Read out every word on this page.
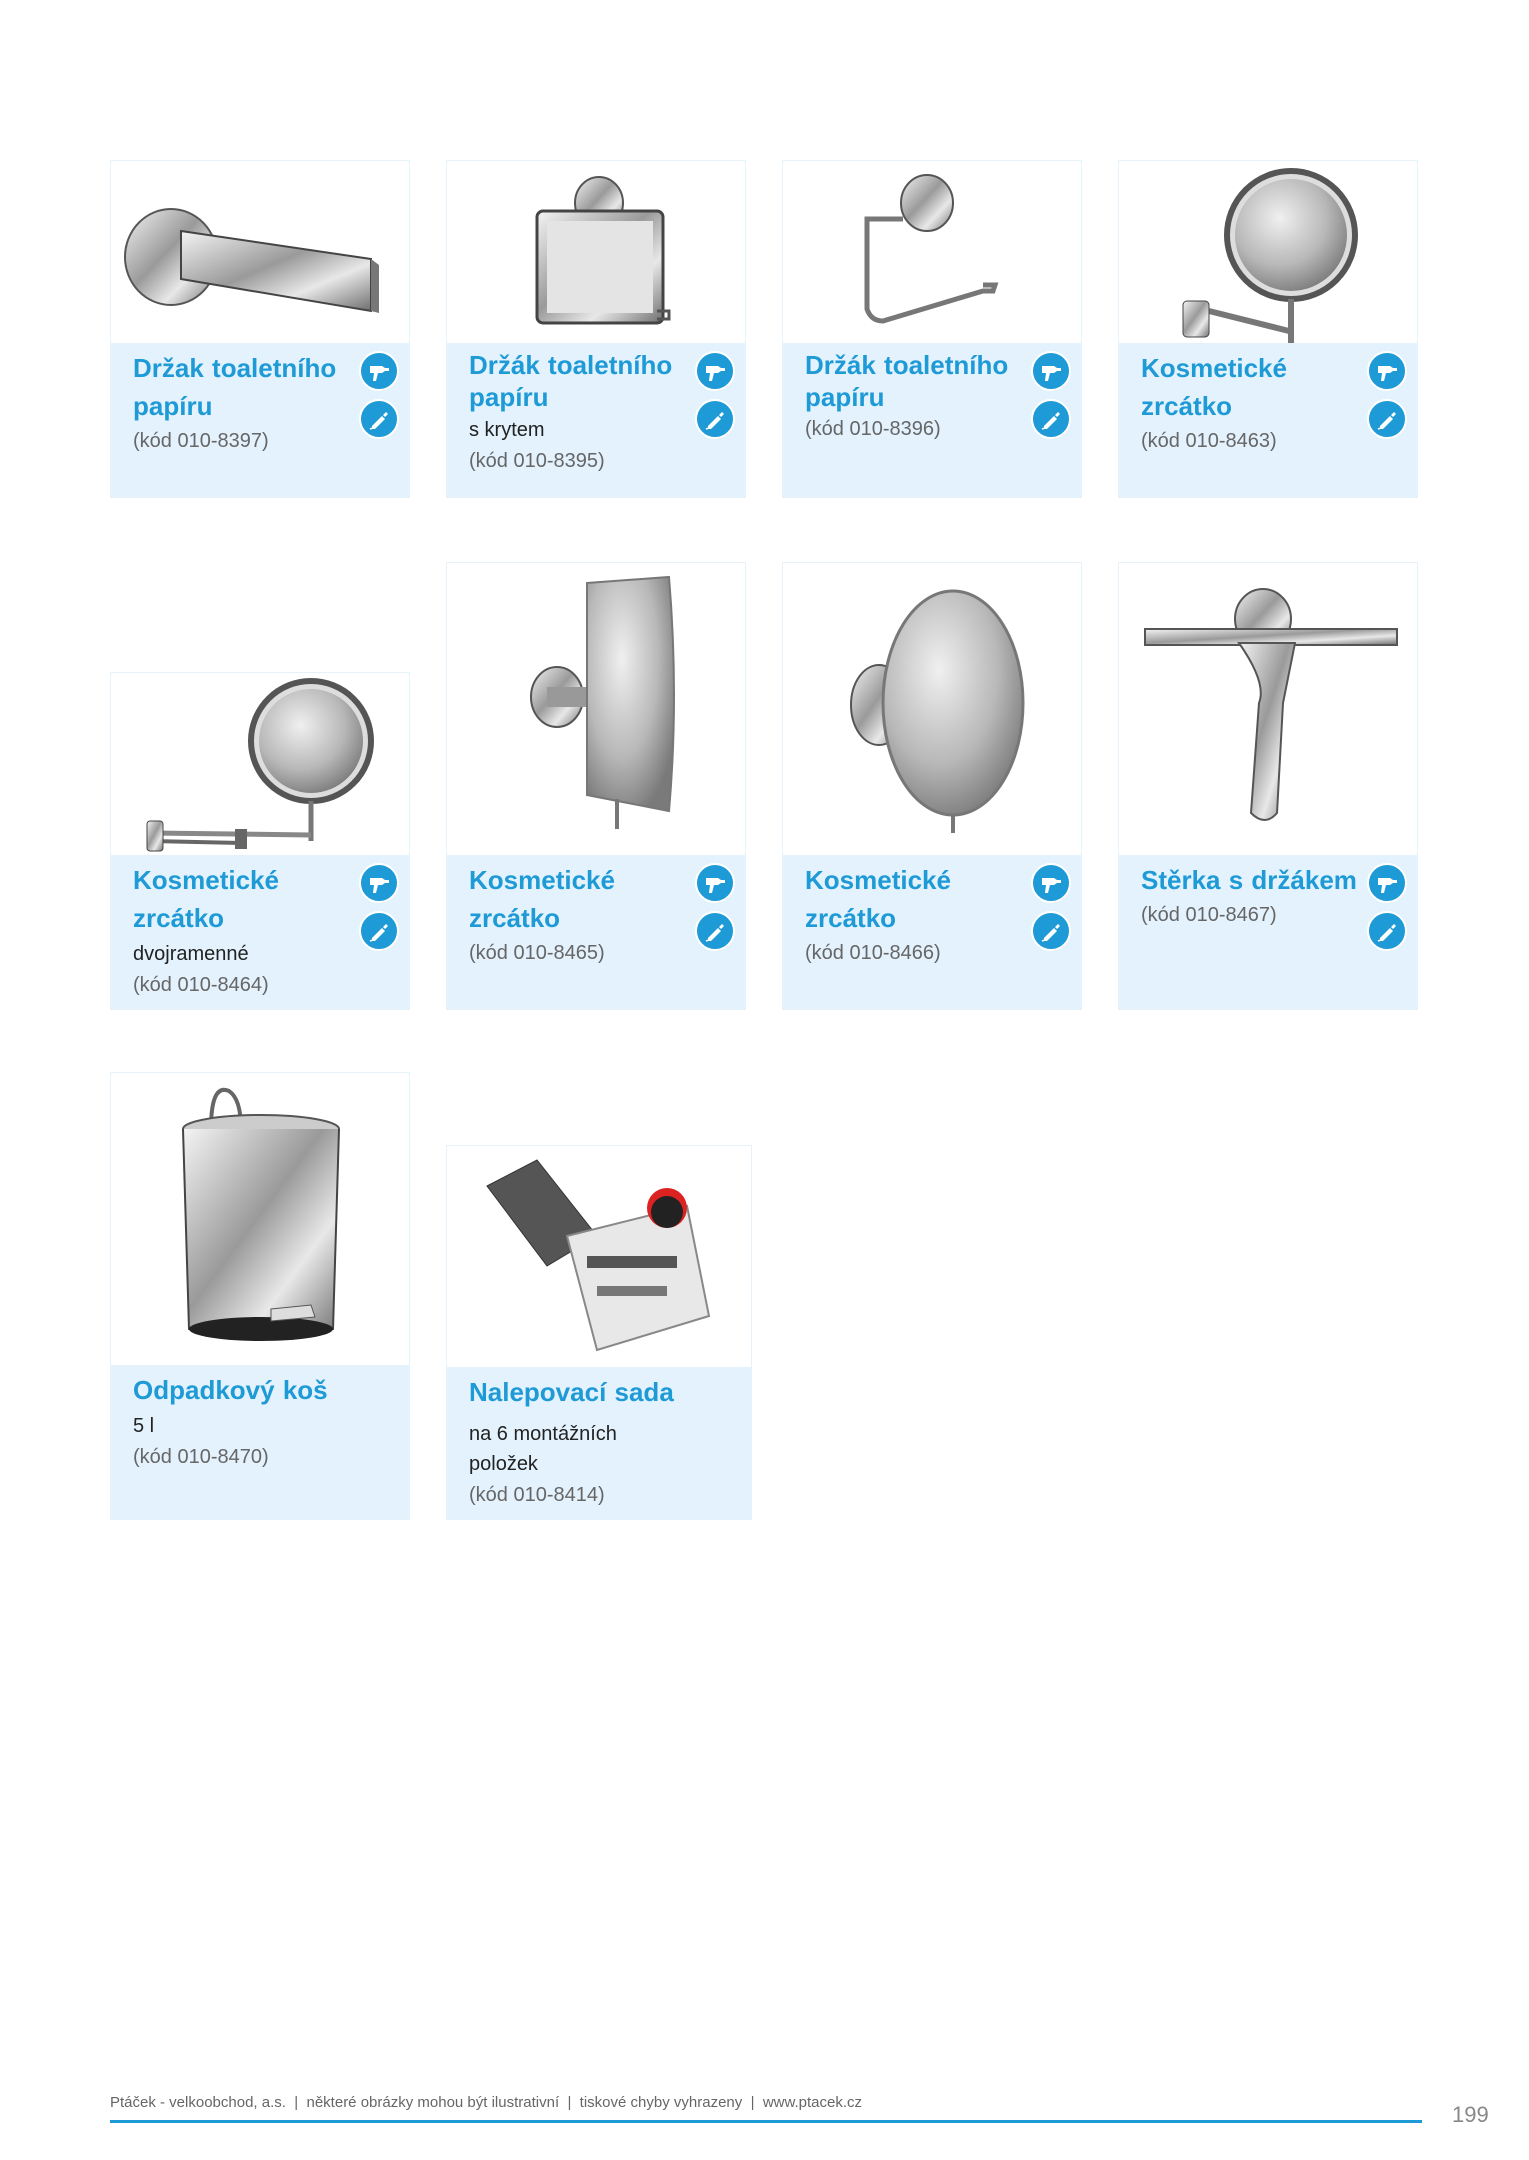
Držak toaletního papíru

(kód 010-8397)

Držák toaletního papíru

s krytem
(kód 010-8395)

Držák toaletního papíru

(kód 010-8396)

Kosmetické zrcátko

(kód 010-8463)

Kosmetické zrcátko

dvojramenné
(kód 010-8464)

Kosmetické zrcátko

(kód 010-8465)

Kosmetické zrcátko

(kód 010-8466)

Stěrka s držákem

(kód 010-8467)

Odpadkový koš

5 l
(kód 010-8470)

Nalepovací sada

na 6 montážních položek
(kód 010-8414)
Ptáček - velkoobchod, a.s.  |  některé obrázky mohou být ilustrativní  |  tiskové chyby vyhrazeny  |  www.ptacek.cz	199
